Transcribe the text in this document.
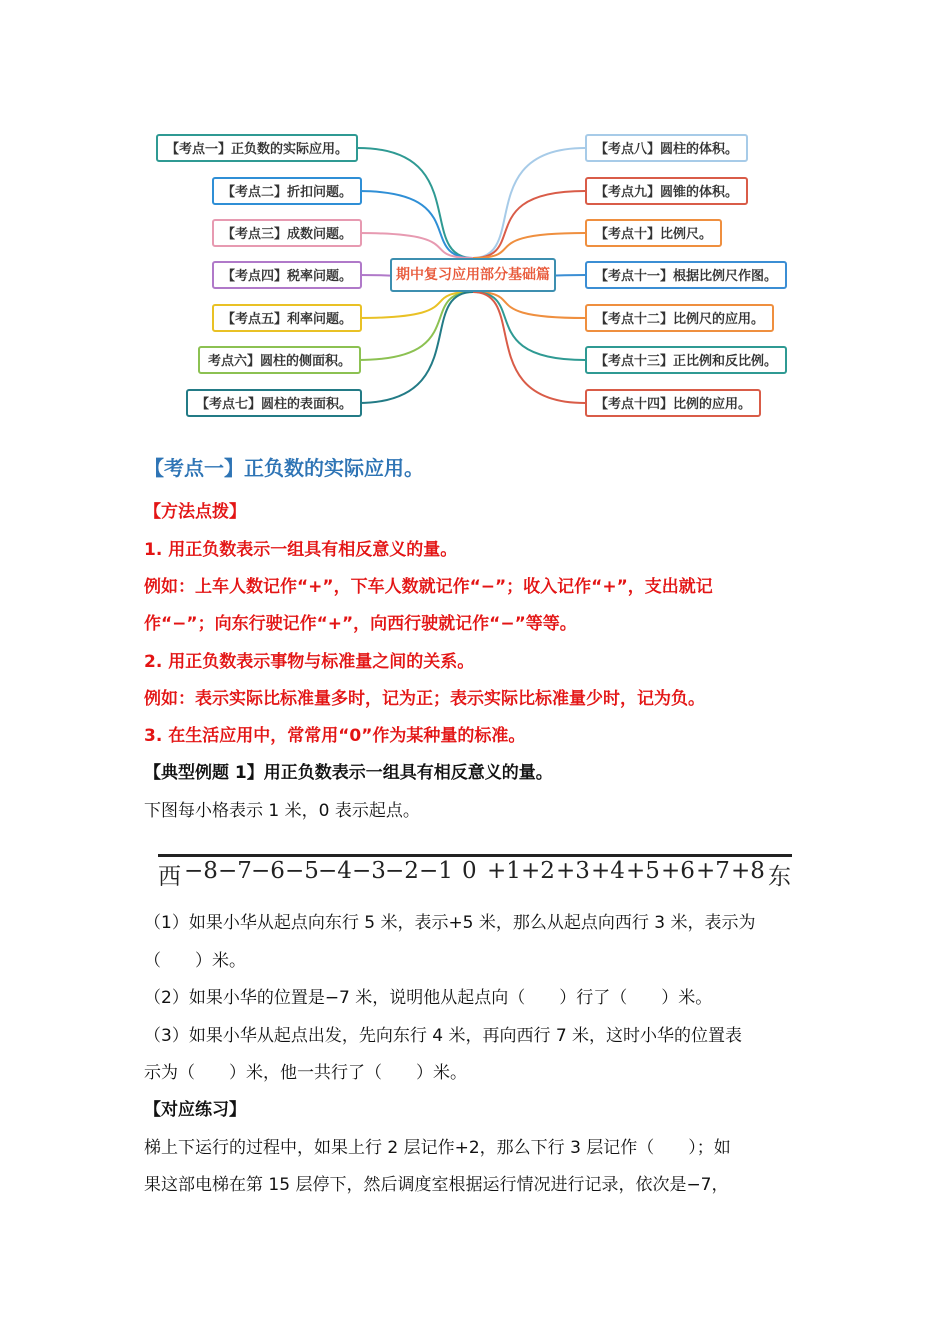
【考点一】正负数的实际应用。
【考点二】折扣问题。
【考点三】成数问题。
【考点四】税率问题。
【考点五】利率问题。
考点六】圆柱的侧面积。
【考点七】圆柱的表面积。
期中复习应用部分基础篇
【考点八】圆柱的体积。
【考点九】圆锥的体积。
【考点十】比例尺。
【考点十一】根据比例尺作图。
【考点十二】比例尺的应用。
【考点十三】正比例和反比例。
【考点十四】比例的应用。
【考点一】正负数的实际应用。
【方法点拨】
1. 用正负数表示一组具有相反意义的量。
例如：上车人数记作“+”，下车人数就记作“−”；收入记作“+”，支出就记
作“−”；向东行驶记作“+”，向西行驶就记作“−”等等。
2. 用正负数表示事物与标准量之间的关系。
例如：表示实际比标准量多时，记为正；表示实际比标准量少时，记为负。
3. 在生活应用中，常常用“0”作为某种量的标准。
【典型例题 1】用正负数表示一组具有相反意义的量。
下图每小格表示 1 米，0 表示起点。
西 −8 −7 −6 −5 −4 −3 −2 −1 0 +1 +2 +3 +4 +5 +6 +7 +8 东
（1）如果小华从起点向东行 5 米，表示+5 米，那么从起点向西行 3 米，表示为
（　　）米。
（2）如果小华的位置是−7 米，说明他从起点向（　　）行了（　　）米。
（3）如果小华从起点出发，先向东行 4 米，再向西行 7 米，这时小华的位置表
示为（　　）米，他一共行了（　　）米。
【对应练习】
梯上下运行的过程中，如果上行 2 层记作+2，那么下行 3 层记作（　　）；如
果这部电梯在第 15 层停下，然后调度室根据运行情况进行记录，依次是−7，
